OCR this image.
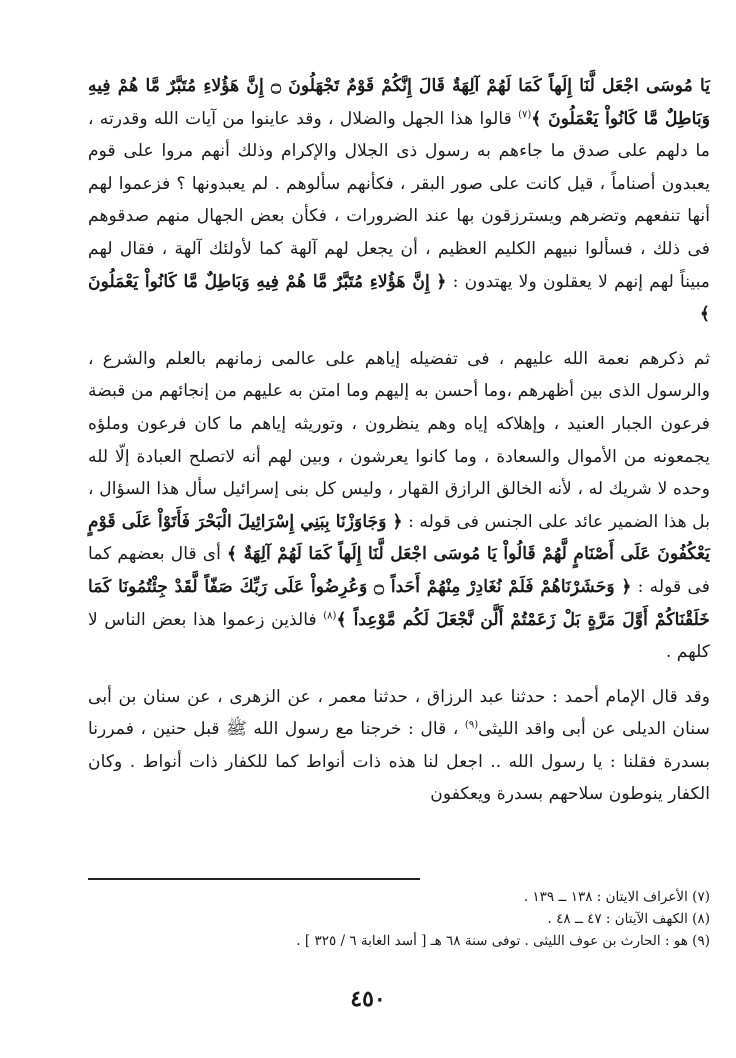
يَا مُوسَى اجْعَل لَّنَا إِلَهاً كَمَا لَهُمْ آلِهَةٌ قَالَ إِنَّكُمْ قَوْمٌ تَجْهَلُونَ ۝ إِنَّ هَؤُلاءِ مُتَبَّرٌ مَّا هُمْ فِيهِ وَبَاطِلٌ مَّا كَانُواْ يَعْمَلُونَ ﴾$^{(٧)}$ قالوا هذا الجهل والضلال ، وقد عاينوا من آيات الله وقدرته ، ما دلهم على صدق ما جاءهم به رسول ذى الجلال والإكرام وذلك أنهم مروا على قوم يعبدون أصناماً ، قيل كانت على صور البقر ، فكأنهم سألوهم . لم يعبدونها ؟ فزعموا لهم أنها تنفعهم وتضرهم ويسترزقون بها عند الضرورات ، فكأن بعض الجهال منهم صدقوهم فى ذلك ، فسألوا نبيهم الكليم العظيم ، أن يجعل لهم آلهة كما لأولئك آلهة ، فقال لهم مبيناً لهم إنهم لا يعقلون ولا يهتدون : ﴿ إِنَّ هَؤُلاءِ مُتَبَّرٌ مَّا هُمْ فِيهِ وَبَاطِلٌ مَّا كَانُواْ يَعْمَلُونَ ﴾

ثم ذكرهم نعمة الله عليهم ، فى تفضيله إياهم على عالمى زمانهم بالعلم والشرع ، والرسول الذى بين أظهرهم ،وما أحسن به إليهم وما امتن به عليهم من إنجائهم من قبضة فرعون الجبار العنيد ، وإهلاكه إياه وهم ينظرون ، وتوريثه إياهم ما كان فرعون وملؤه يجمعونه من الأموال والسعادة ، وما كانوا يعرشون ، وبين لهم أنه لاتصلح العبادة إلّا لله وحده لا شريك له ، لأنه الخالق الرازق القهار ، وليس كل بنى إسرائيل سأل هذا السؤال ، بل هذا الضمير عائد على الجنس فى قوله : ﴿ وَجَاوَزْنَا بِبَنِي إِسْرَائِيلَ الْبَحْرَ فَأَتَوْاْ عَلَى قَوْمٍ يَعْكُفُونَ عَلَى أَصْنَامٍ لَّهُمْ قَالُواْ يَا مُوسَى اجْعَل لَّنَا إِلَهاً كَمَا لَهُمْ آلِهَةٌ ﴾ أى قال بعضهم كما فى قوله : ﴿ وَحَشَرْنَاهُمْ فَلَمْ نُغَادِرْ مِنْهُمْ أَحَداً ۝ وَعُرِضُواْ عَلَى رَبِّكَ صَفّاً لَّقَدْ جِئْتُمُونَا كَمَا خَلَقْنَاكُمْ أَوَّلَ مَرَّةٍ بَلْ زَعَمْتُمْ أَلَّن نَّجْعَلَ لَكُم مَّوْعِداً ﴾$^{(٨)}$ فالذين زعموا هذا بعض الناس لا كلهم .

وقد قال الإمام أحمد : حدثنا عبد الرزاق ، حدثنا معمر ، عن الزهرى ، عن سنان بن أبى سنان الديلى عن أبى واقد الليثى$^{(٩)}$ ، قال : خرجنا مع رسول الله ﷺ قبل حنين ، فمررنا بسدرة فقلنا : يا رسول الله .. اجعل لنا هذه ذات أنواط كما للكفار ذات أنواط . وكان الكفار ينوطون سلاحهم بسدرة ويعكفون

(٧) الأعراف الايتان : ١٣٨ ــ ١٣٩ .

(٨) الكهف الآيتان : ٤٧ ــ ٤٨ .

(٩) هو : الحارث بن عوف الليثى . توفى سنة ٦٨ هـ [ أسد الغابة ٦ / ٣٢٥ ] .

٤٥٠
